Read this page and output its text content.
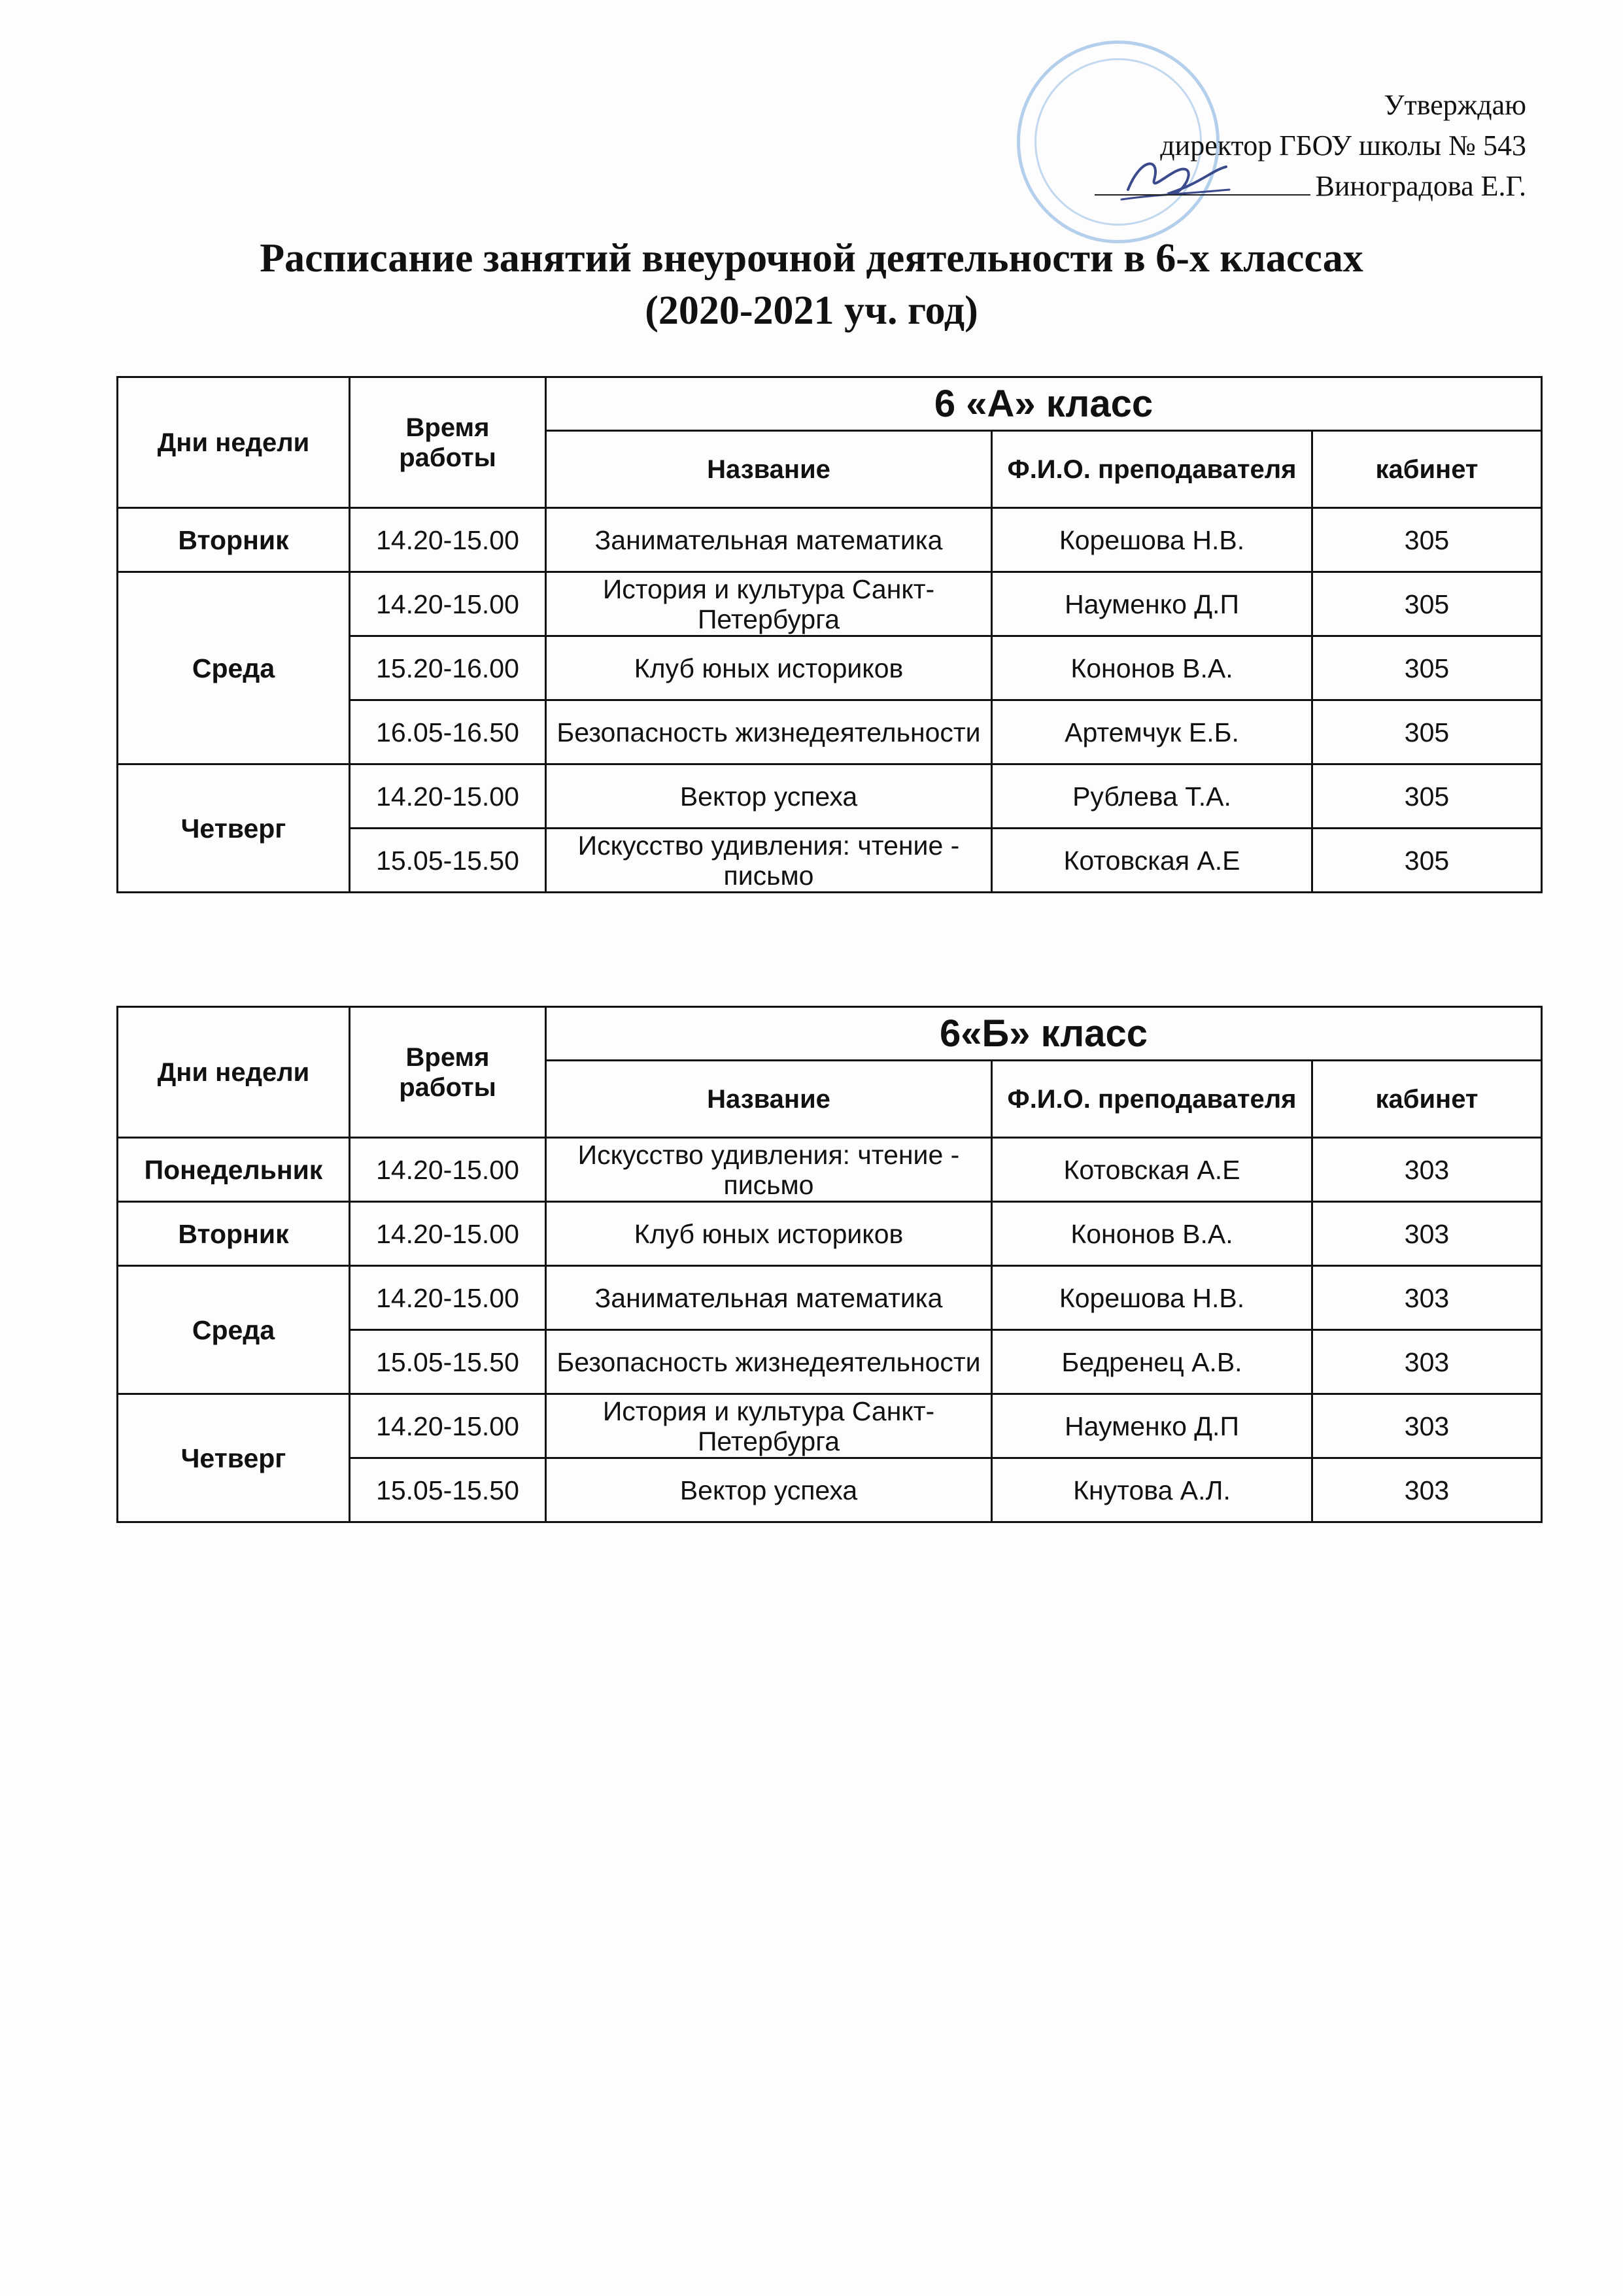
Утверждаю
директор ГБОУ школы № 543
Виноградова Е.Г.
Расписание занятий внеурочной деятельности в 6-х классах
(2020-2021 уч. год)
Дни недели	Время работы	6 «А» класс		
		Название	Ф.И.О. преподавателя	кабинет
Вторник	14.20-15.00	Занимательная математика	Корешова Н.В.	305
Среда	14.20-15.00	История и культура Санкт-Петербурга	Науменко Д.П	305
	15.20-16.00	Клуб юных историков	Кононов В.А.	305
	16.05-16.50	Безопасность жизнедеятельности	Артемчук Е.Б.	305
Четверг	14.20-15.00	Вектор успеха	Рублева Т.А.	305
	15.05-15.50	Искусство удивления: чтение - письмо	Котовская А.Е	305
Дни недели	Время работы	6«Б» класс		
		Название	Ф.И.О. преподавателя	кабинет
Понедельник	14.20-15.00	Искусство удивления: чтение - письмо	Котовская А.Е	303
Вторник	14.20-15.00	Клуб юных историков	Кононов В.А.	303
Среда	14.20-15.00	Занимательная математика	Корешова Н.В.	303
	15.05-15.50	Безопасность жизнедеятельности	Бедренец А.В.	303
Четверг	14.20-15.00	История и культура Санкт-Петербурга	Науменко Д.П	303
	15.05-15.50	Вектор успеха	Кнутова А.Л.	303
